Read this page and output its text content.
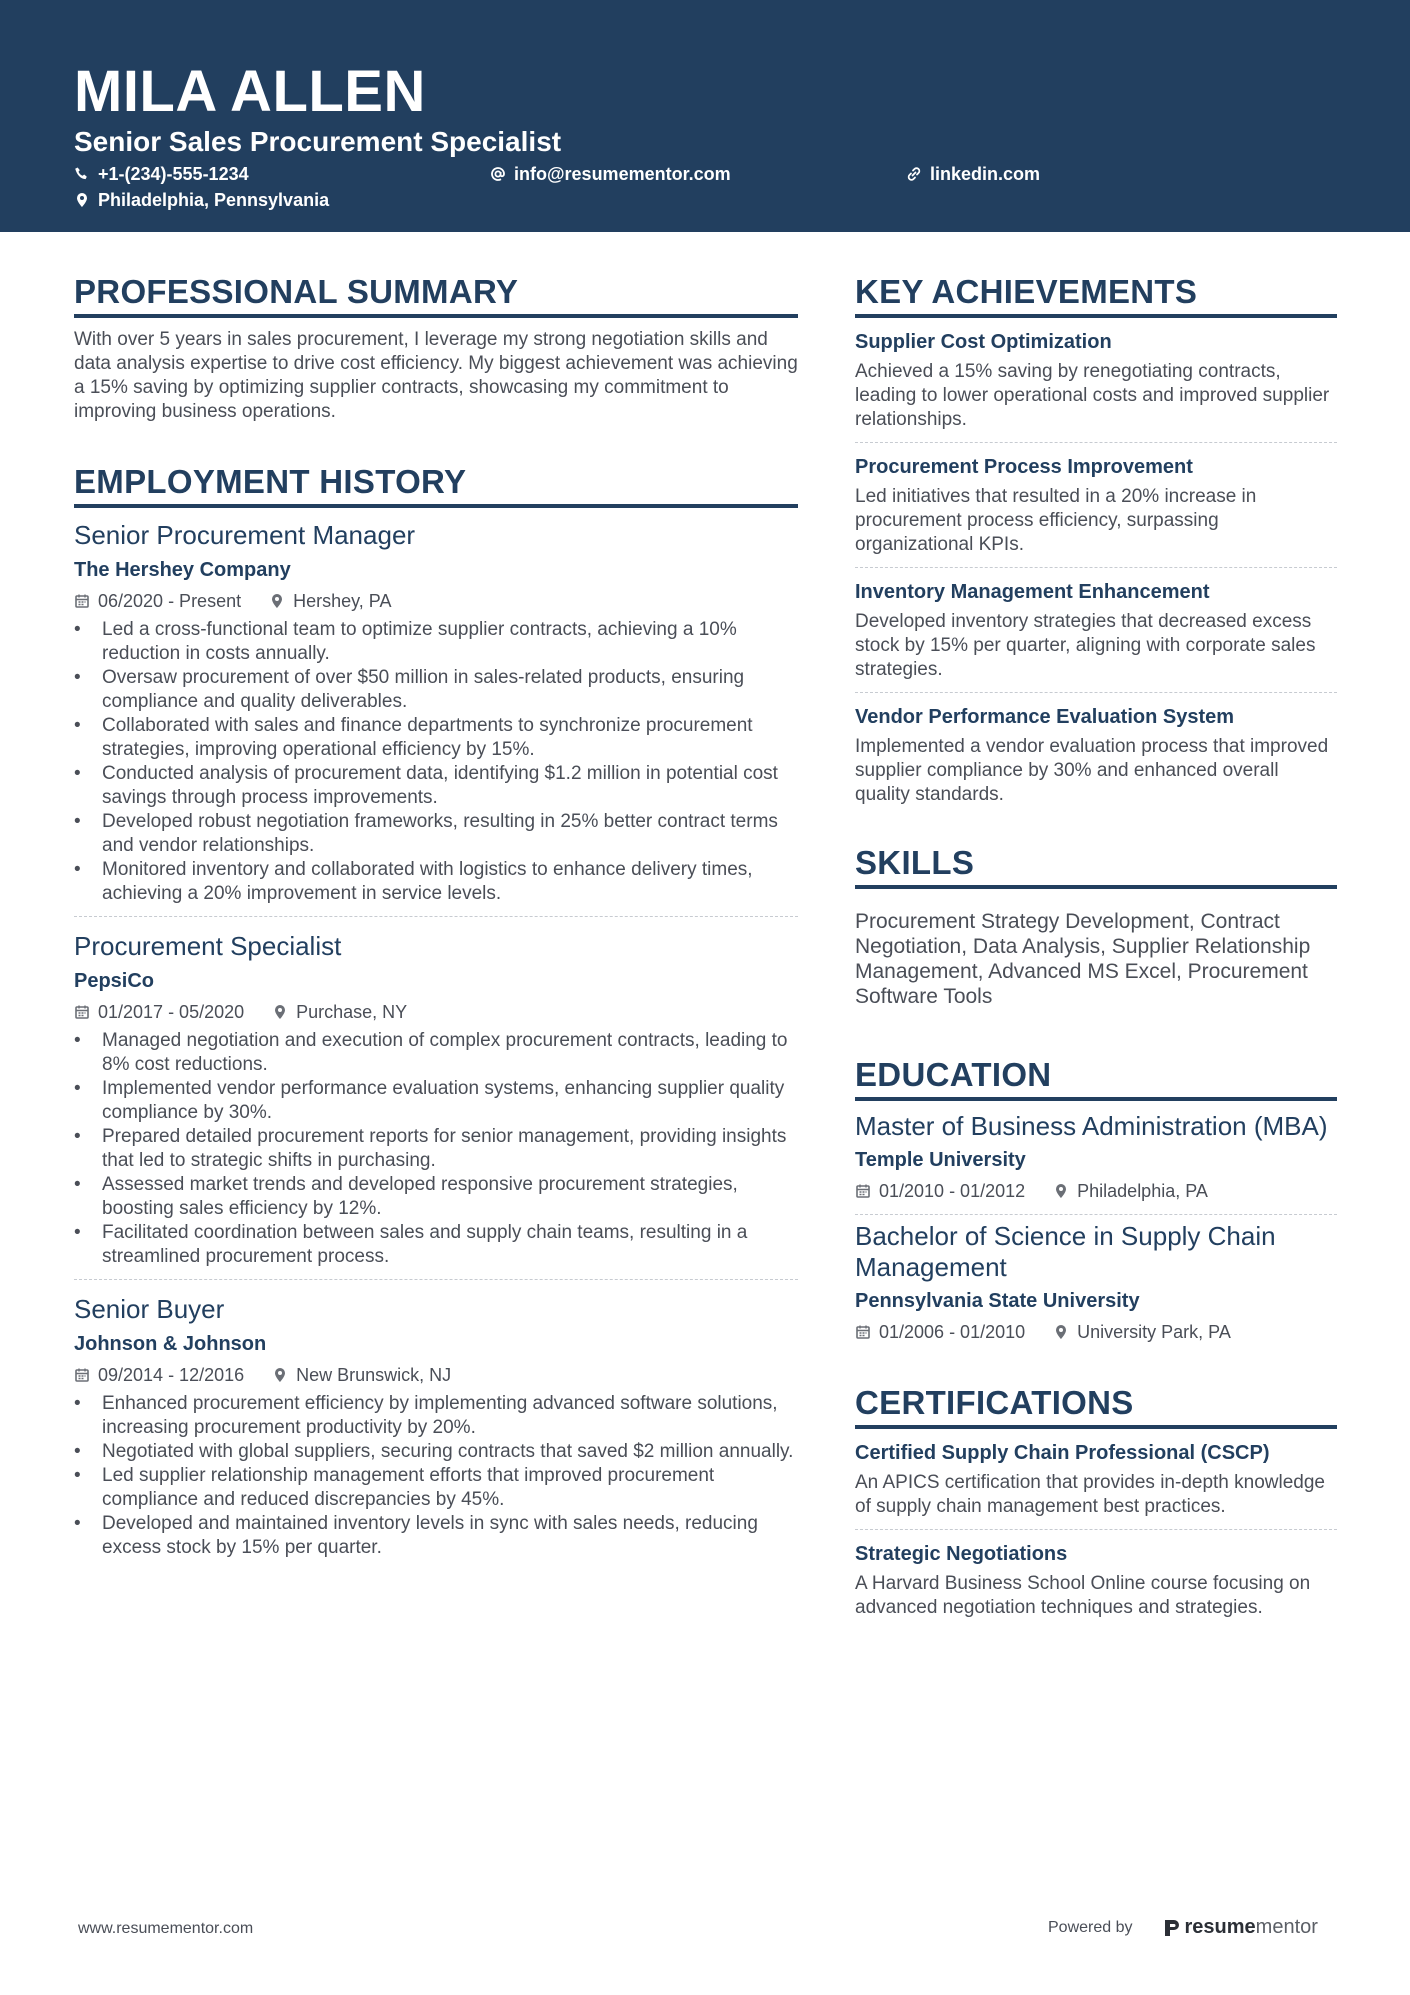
MILA ALLEN
Senior Sales Procurement Specialist
+1-(234)-555-1234	info@resumementor.com	linkedin.com
Philadelphia, Pennsylvania
PROFESSIONAL SUMMARY
With over 5 years in sales procurement, I leverage my strong negotiation skills and data analysis expertise to drive cost efficiency. My biggest achievement was achieving a 15% saving by optimizing supplier contracts, showcasing my commitment to improving business operations.
EMPLOYMENT HISTORY
Senior Procurement Manager
The Hershey Company
06/2020 - Present	Hershey, PA
• Led a cross-functional team to optimize supplier contracts, achieving a 10% reduction in costs annually.
• Oversaw procurement of over $50 million in sales-related products, ensuring compliance and quality deliverables.
• Collaborated with sales and finance departments to synchronize procurement strategies, improving operational efficiency by 15%.
• Conducted analysis of procurement data, identifying $1.2 million in potential cost savings through process improvements.
• Developed robust negotiation frameworks, resulting in 25% better contract terms and vendor relationships.
• Monitored inventory and collaborated with logistics to enhance delivery times, achieving a 20% improvement in service levels.
Procurement Specialist
PepsiCo
01/2017 - 05/2020	Purchase, NY
• Managed negotiation and execution of complex procurement contracts, leading to 8% cost reductions.
• Implemented vendor performance evaluation systems, enhancing supplier quality compliance by 30%.
• Prepared detailed procurement reports for senior management, providing insights that led to strategic shifts in purchasing.
• Assessed market trends and developed responsive procurement strategies, boosting sales efficiency by 12%.
• Facilitated coordination between sales and supply chain teams, resulting in a streamlined procurement process.
Senior Buyer
Johnson & Johnson
09/2014 - 12/2016	New Brunswick, NJ
• Enhanced procurement efficiency by implementing advanced software solutions, increasing procurement productivity by 20%.
• Negotiated with global suppliers, securing contracts that saved $2 million annually.
• Led supplier relationship management efforts that improved procurement compliance and reduced discrepancies by 45%.
• Developed and maintained inventory levels in sync with sales needs, reducing excess stock by 15% per quarter.
KEY ACHIEVEMENTS
Supplier Cost Optimization
Achieved a 15% saving by renegotiating contracts, leading to lower operational costs and improved supplier relationships.
Procurement Process Improvement
Led initiatives that resulted in a 20% increase in procurement process efficiency, surpassing organizational KPIs.
Inventory Management Enhancement
Developed inventory strategies that decreased excess stock by 15% per quarter, aligning with corporate sales strategies.
Vendor Performance Evaluation System
Implemented a vendor evaluation process that improved supplier compliance by 30% and enhanced overall quality standards.
SKILLS
Procurement Strategy Development, Contract Negotiation, Data Analysis, Supplier Relationship Management, Advanced MS Excel, Procurement Software Tools
EDUCATION
Master of Business Administration (MBA)
Temple University
01/2010 - 01/2012	Philadelphia, PA
Bachelor of Science in Supply Chain Management
Pennsylvania State University
01/2006 - 01/2010	University Park, PA
CERTIFICATIONS
Certified Supply Chain Professional (CSCP)
An APICS certification that provides in-depth knowledge of supply chain management best practices.
Strategic Negotiations
A Harvard Business School Online course focusing on advanced negotiation techniques and strategies.
www.resumementor.com	Powered by	resume mentor
